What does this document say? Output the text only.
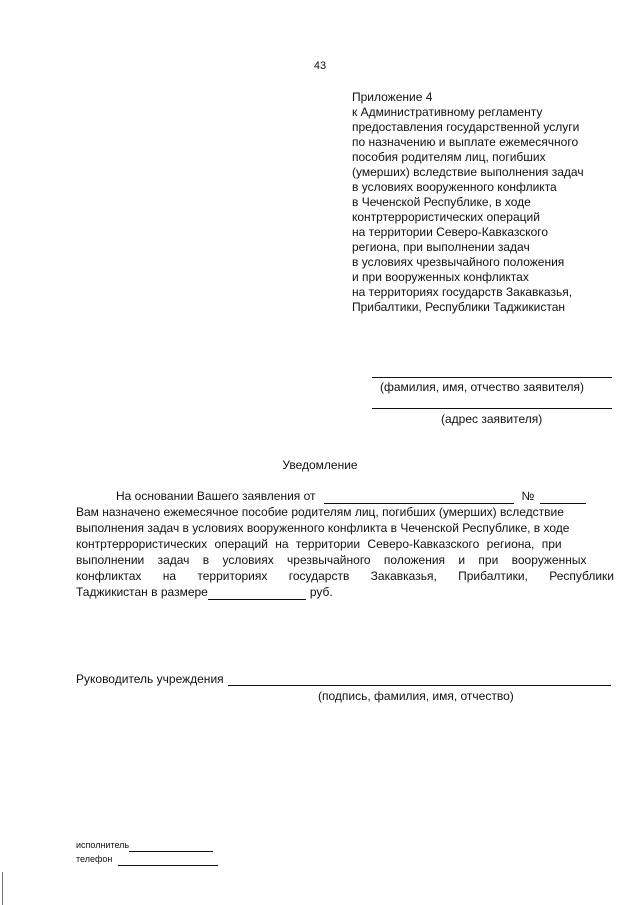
43
Приложение 4
к Административному регламенту
предоставления государственной услуги
по назначению и выплате ежемесячного
пособия родителям лиц, погибших
(умерших) вследствие выполнения задач
в условиях вооруженного конфликта
в Чеченской Республике, в ходе
контртеррористических операций
на территории Северо-Кавказского
региона, при выполнении задач
в условиях чрезвычайного положения
и при вооруженных конфликтах
на территориях государств Закавказья,
Прибалтики, Республики Таджикистан
(фамилия, имя, отчество заявителя)
(адрес заявителя)
Уведомление
На основании Вашего заявления от	№
Вам назначено ежемесячное пособие родителям лиц, погибших (умерших) вследствие
выполнения задач в условиях вооруженного конфликта в Чеченской Республике, в ходе
контртеррористических операций на территории Северо-Кавказского региона, при
выполнении задач в условиях чрезвычайного положения и при вооруженных
конфликтах на территориях государств Закавказья, Прибалтики, Республики
Таджикистан в размере	руб.
Руководитель учреждения
(подпись, фамилия, имя, отчество)
исполнитель
телефон
